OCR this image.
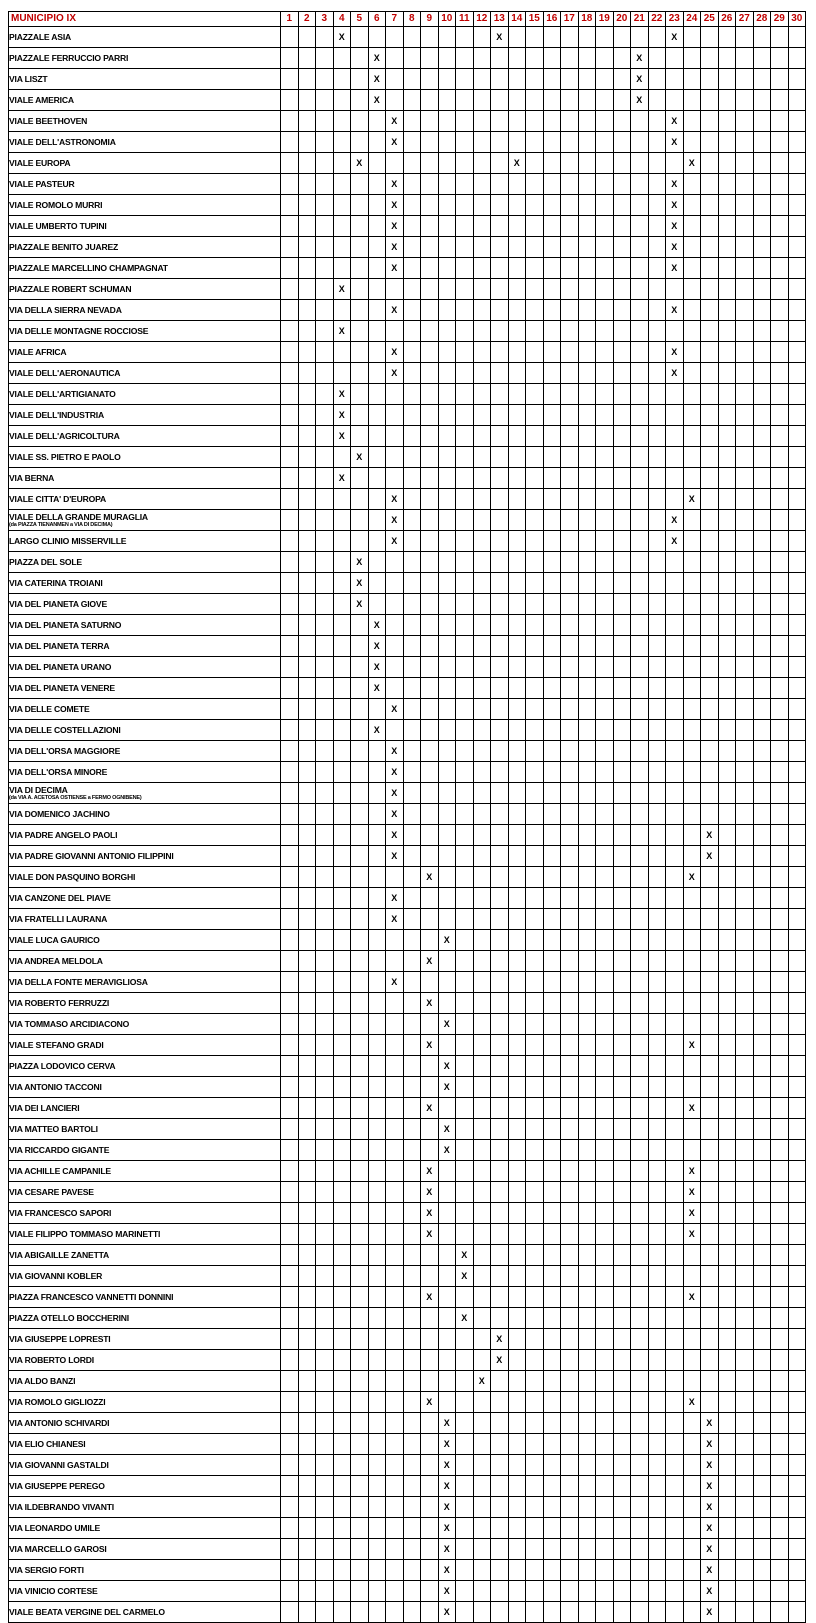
MUNICIPIO IX	1	2	3	4	5	6	7	8	9	10	11	12	13	14	15	16	17	18	19	20	21	22	23	24	25	26	27	28	29	30
PIAZZALE ASIA				X									X										X							
PIAZZALE FERRUCCIO PARRI						X															X									
VIA LISZT						X															X									
VIALE AMERICA						X															X									
VIALE BEETHOVEN							X																X							
VIALE DELL'ASTRONOMIA							X																X							
VIALE EUROPA					X									X										X						
VIALE PASTEUR							X																X							
VIALE ROMOLO MURRI							X																X							
VIALE UMBERTO TUPINI							X																X							
PIAZZALE BENITO JUAREZ							X																X							
PIAZZALE MARCELLINO CHAMPAGNAT							X																X							
PIAZZALE ROBERT SCHUMAN				X																										
VIA DELLA SIERRA NEVADA							X																X							
VIA DELLE MONTAGNE ROCCIOSE				X																										
VIALE AFRICA							X																X							
VIALE DELL'AERONAUTICA							X																X							
VIALE DELL'ARTIGIANATO				X																										
VIALE DELL'INDUSTRIA				X																										
VIALE DELL'AGRICOLTURA				X																										
VIALE SS. PIETRO E PAOLO					X																									
VIA BERNA				X																										
VIALE CITTA' D'EUROPA							X																	X						
VIALE DELLA GRANDE MURAGLIA
(da PIAZZA TIENANMEN a VIA DI DECIMA)							X																X							
LARGO CLINIO MISSERVILLE							X																X							
PIAZZA DEL SOLE					X																									
VIA CATERINA TROIANI					X																									
VIA DEL PIANETA GIOVE					X																									
VIA DEL PIANETA SATURNO						X																								
VIA DEL PIANETA TERRA						X																								
VIA DEL PIANETA URANO						X																								
VIA DEL PIANETA VENERE						X																								
VIA DELLE COMETE							X																							
VIA DELLE COSTELLAZIONI						X																								
VIA DELL'ORSA MAGGIORE							X																							
VIA DELL'ORSA MINORE							X																							
VIA DI DECIMA
(da VIA A. ACETOSA OSTIENSE a FERMO OGNIBENE)							X																							
VIA DOMENICO JACHINO							X																							
VIA PADRE ANGELO PAOLI							X																		X					
VIA PADRE GIOVANNI ANTONIO FILIPPINI							X																		X					
VIALE DON PASQUINO BORGHI									X															X						
VIA CANZONE DEL PIAVE							X																							
VIA FRATELLI LAURANA							X																							
VIALE LUCA GAURICO										X																				
VIA ANDREA MELDOLA									X																					
VIA DELLA FONTE MERAVIGLIOSA							X																							
VIA ROBERTO FERRUZZI									X																					
VIA TOMMASO ARCIDIACONO										X																				
VIALE STEFANO GRADI									X															X						
PIAZZA LODOVICO CERVA										X																				
VIA ANTONIO TACCONI										X																				
VIA DEI LANCIERI									X															X						
VIA MATTEO BARTOLI										X																				
VIA RICCARDO GIGANTE										X																				
VIA ACHILLE CAMPANILE									X															X						
VIA CESARE PAVESE									X															X						
VIA FRANCESCO SAPORI									X															X						
VIALE FILIPPO TOMMASO MARINETTI									X															X						
VIA ABIGAILLE ZANETTA											X																			
VIA GIOVANNI KOBLER											X																			
PIAZZA FRANCESCO VANNETTI DONNINI									X															X						
PIAZZA OTELLO BOCCHERINI											X																			
VIA GIUSEPPE LOPRESTI													X																	
VIA ROBERTO LORDI													X																	
VIA ALDO BANZI												X																		
VIA ROMOLO GIGLIOZZI									X															X						
VIA ANTONIO SCHIVARDI										X															X					
VIA ELIO CHIANESI										X															X					
VIA GIOVANNI GASTALDI										X															X					
VIA GIUSEPPE PEREGO										X															X					
VIA ILDEBRANDO VIVANTI										X															X					
VIA LEONARDO UMILE										X															X					
VIA MARCELLO GAROSI										X															X					
VIA SERGIO FORTI										X															X					
VIA VINICIO CORTESE										X															X					
VIALE BEATA VERGINE DEL CARMELO										X															X					
